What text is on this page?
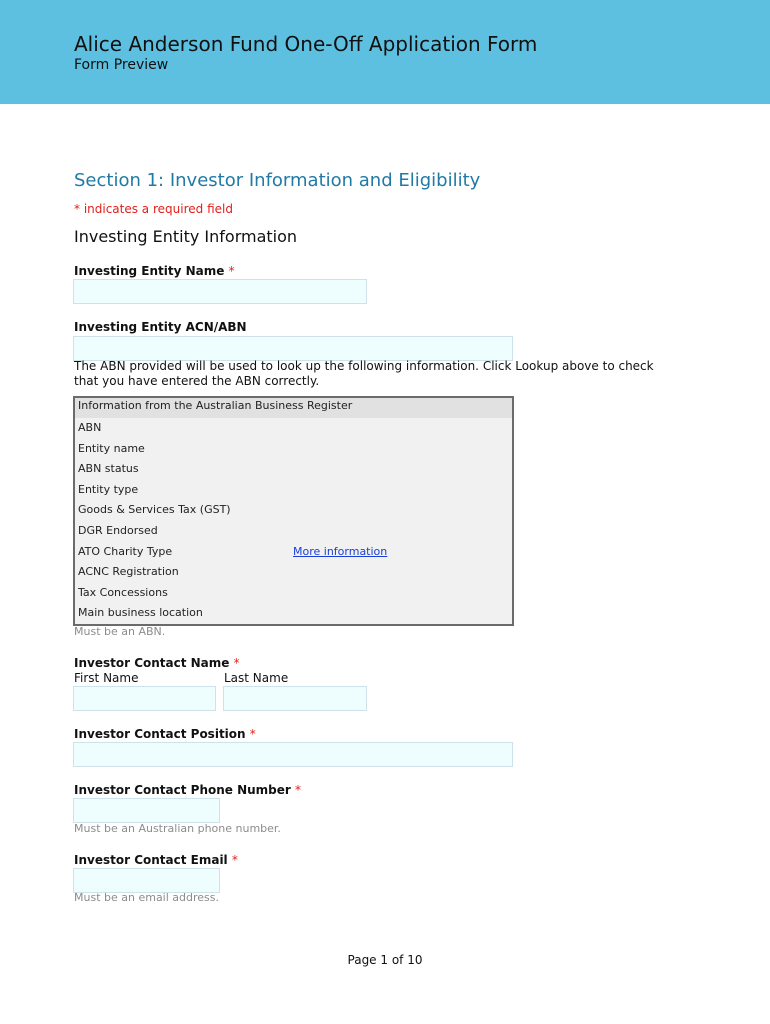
Alice Anderson Fund One-Off Application Form
Form Preview
Section 1: Investor Information and Eligibility
* indicates a required field
Investing Entity Information
Investing Entity Name *
Investing Entity ACN/ABN
The ABN provided will be used to look up the following information. Click Lookup above to check that you have entered the ABN correctly.
Information from the Australian Business Register
ABN
Entity name
ABN status
Entity type
Goods & Services Tax (GST)
DGR Endorsed
ATO Charity Type	More information
ACNC Registration
Tax Concessions
Main business location
Must be an ABN.
Investor Contact Name *
First Name	Last Name
Investor Contact Position *
Investor Contact Phone Number *
Must be an Australian phone number.
Investor Contact Email *
Must be an email address.
Page 1 of 10
